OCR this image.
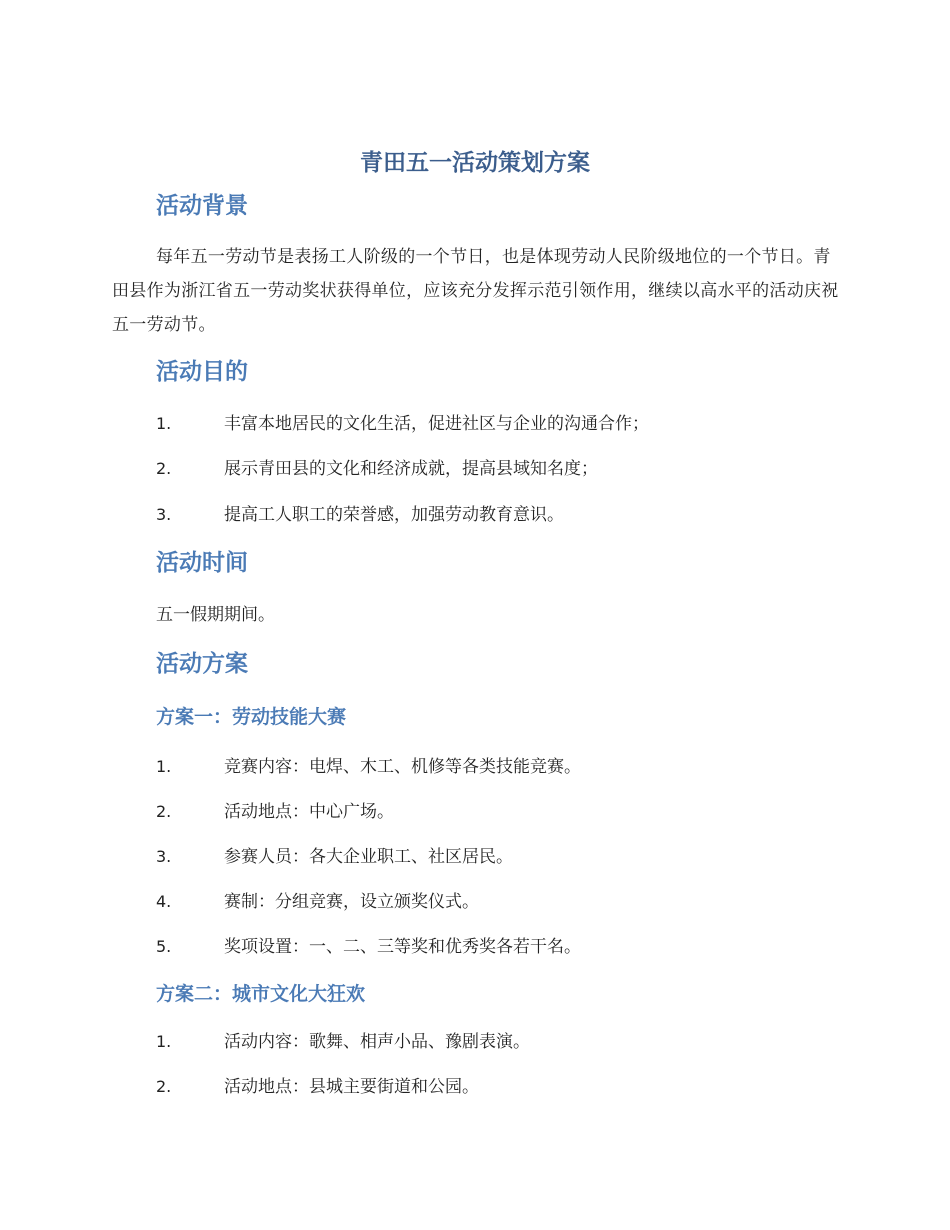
青田五一活动策划方案
活动背景

每年五一劳动节是表扬工人阶级的一个节日，也是体现劳动人民阶级地位的一个节日。青田县作为浙江省五一劳动奖状获得单位，应该充分发挥示范引领作用，继续以高水平的活动庆祝五一劳动节。

活动目的
1.	丰富本地居民的文化生活，促进社区与企业的沟通合作；
2.	展示青田县的文化和经济成就，提高县域知名度；
3.	提高工人职工的荣誉感，加强劳动教育意识。
活动时间

五一假期期间。

活动方案
方案一：劳动技能大赛
1.	竞赛内容：电焊、木工、机修等各类技能竞赛。
2.	活动地点：中心广场。
3.	参赛人员：各大企业职工、社区居民。
4.	赛制：分组竞赛，设立颁奖仪式。
5.	奖项设置：一、二、三等奖和优秀奖各若干名。
方案二：城市文化大狂欢
1.	活动内容：歌舞、相声小品、豫剧表演。
2.	活动地点：县城主要街道和公园。
